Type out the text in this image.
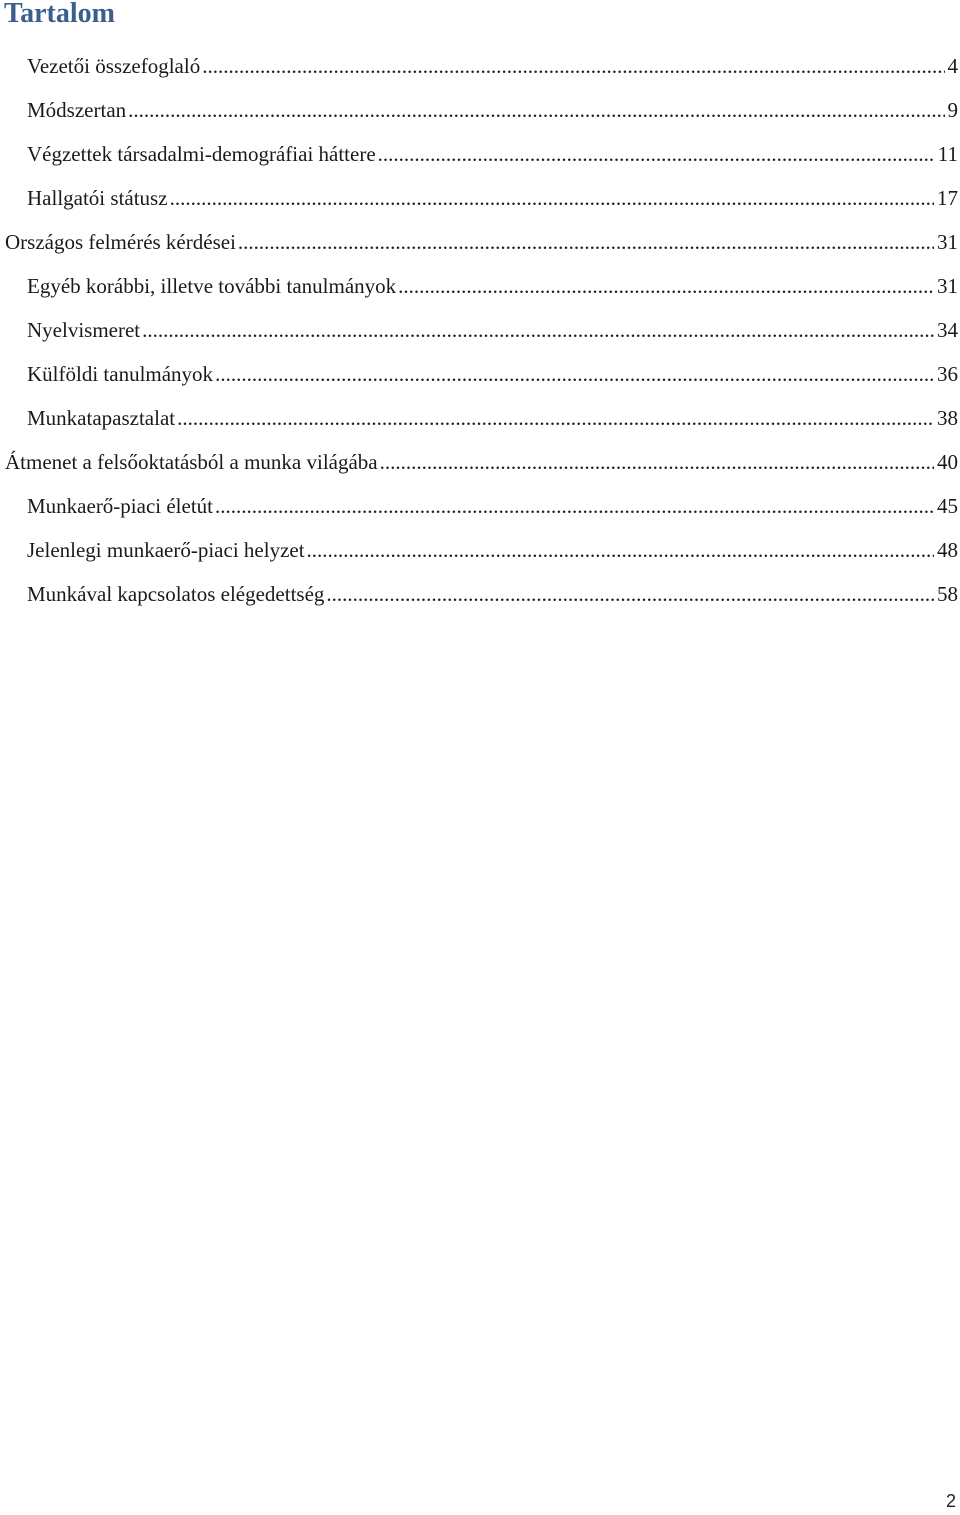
Tartalom
Vezetői összefoglaló .....	4
Módszertan .....	9
Végzettek társadalmi-demográfiai háttere .....	11
Hallgatói státusz .....	17
Országos felmérés kérdései .....	31
Egyéb korábbi, illetve további tanulmányok .....	31
Nyelvismeret .....	34
Külföldi tanulmányok .....	36
Munkatapasztalat .....	38
Átmenet a felsőoktatásból a munka világába .....	40
Munkaerő-piaci életút .....	45
Jelenlegi munkaerő-piaci helyzet .....	48
Munkával kapcsolatos elégedettség .....	58
2
